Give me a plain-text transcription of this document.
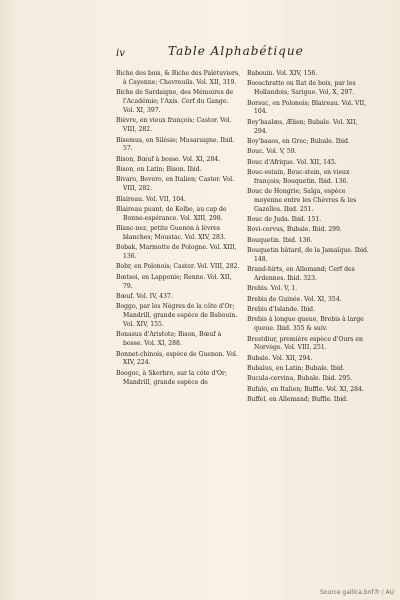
iv	Table Alphabétique

Biche des bois, & Biche des Palétuviers, à Cayenne; Chevreuils. Vol. XII, 319.

Biche de Sardaigne, des Mémoires de l'Académie; l'Axis. Cerf du Gange. Vol. XI, 397.

Bièvre, en vieux françois; Castor. Vol. VIII, 282.

Bisemus, en Silésie; Musaraigne. Ibid. 57.

Bison, Bœuf à bosse. Vol. XI, 284.

Bison, en Latin; Bison. Ibid.

Bivaro, Bevero, en Italien; Castor. Vol. VIII, 282.

Blaireau. Vol. VII, 104.

Blaireau puant, de Kolbe, au cap de Bonne-espérance. Vol. XIII, 298.

Blanc-nez, petite Guenon à lèvres blanches; Moustac. Vol. XIV, 283.

Bobak, Marmotte de Pologne. Vol. XIII, 136.

Bobr, en Polonois; Castor. Vol. VIII, 282.

Bœtsoi, en Lapponie; Renne. Vol. XII, 79.

Bœuf. Vol. IV, 437.

Boggo, par les Nègres de la côte d'Or; Mandrill, grande espèce de Babouin. Vol. XIV, 155.

Bonasus d'Aristote; Bison, Bœuf à bosse. Vol. XI, 288.

Bonnet-chinois, espèce de Guenon. Vol. XIV, 224.

Boogoc, à Skerbro, sur la côte d'Or; Mandrill, grande espèce de

Babouin. Vol. XIV, 156.

Booschratte ou Rat de bois, par les Hollandois; Sarigue. Vol. X, 297.

Borsuc, en Polonois; Blaireau. Vol. VII, 104.

Boy'baalæs, Ælien; Bubale. Vol. XII, 294.

Boy'baaos, en Grec; Bubale. Ibid.

Bouc. Vol. V, 59.

Bouc d'Afrique. Vol. XII, 145.

Bouc-estain, Bouc-stein, en vieux françois; Bouquetin. Ibid. 136.

Bouc de Hongrie; Saïga, espèce moyenne entre les Chèvres & les Gazelles. Ibid. 251.

Bouc de Juda. Ibid. 151.

Bovi-cervus, Bubale. Ibid. 299.

Bouquetin. Ibid. 136.

Bouquetin bâtard, de la Jamaïque. Ibid. 148.

Brand-hirts, en Allemand; Cerf des Ardennes. Ibid. 323.

Brebis. Vol. V, 1.

Brebis de Guinée. Vol. XI, 354.

Brebis d'Islande. Ibid.

Brebis à longue queue, Brebis à large queue. Ibid. 355 & suiv.

Brestdiur, première espèce d'Ours en Norvège. Vol. VIII, 251.

Bubale. Vol. XII, 294.

Bubalus, en Latin; Bubale. Ibid.

Bucula-cervina, Bubale. Ibid. 295.

Bufalo, en Italien; Buffle. Vol. XI, 284.

Buffel, en Allemand; Buffle. Ibid.

Source gallica.bnf.fr / AU
